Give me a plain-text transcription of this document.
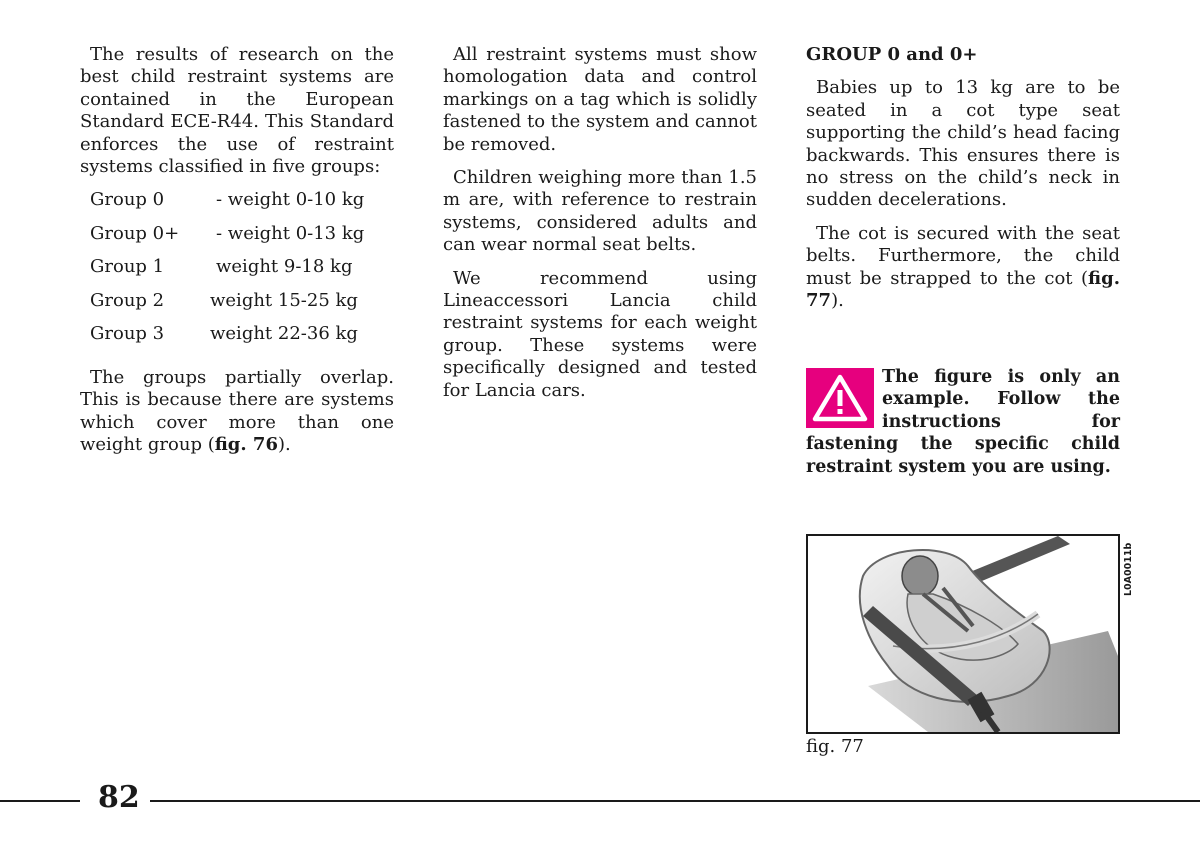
The results of research on the best child restraint systems are contained in the European Standard ECE-R44. This Standard enforces the use of restraint systems classified in five groups:

Group 0	- weight 0-10 kg
Group 0+	- weight 0-13 kg
Group 1	weight 9-18 kg
Group 2	weight 15-25 kg
Group 3	weight 22-36 kg

The groups partially overlap. This is because there are systems which cover more than one weight group (fig. 76).

All restraint systems must show homologation data and control markings on a tag which is solidly fastened to the system and cannot be removed.

Children weighing more than 1.5 m are, with reference to restrain systems, considered adults and can wear normal seat belts.

We recommend using Lineaccessori Lancia child restraint systems for each weight group. These systems were specifically designed and tested for Lancia cars.

GROUP 0 and 0+

Babies up to 13 kg are to be seated in a cot type seat supporting the child’s head facing backwards. This ensures there is no stress on the child’s neck in sudden decelerations.

The cot is secured with the seat belts. Furthermore, the child must be strapped to the cot (fig. 77).

The figure is only an example. Follow the instructions for fastening the specific child restraint system you are using.
L0A0011b
fig. 77
82
